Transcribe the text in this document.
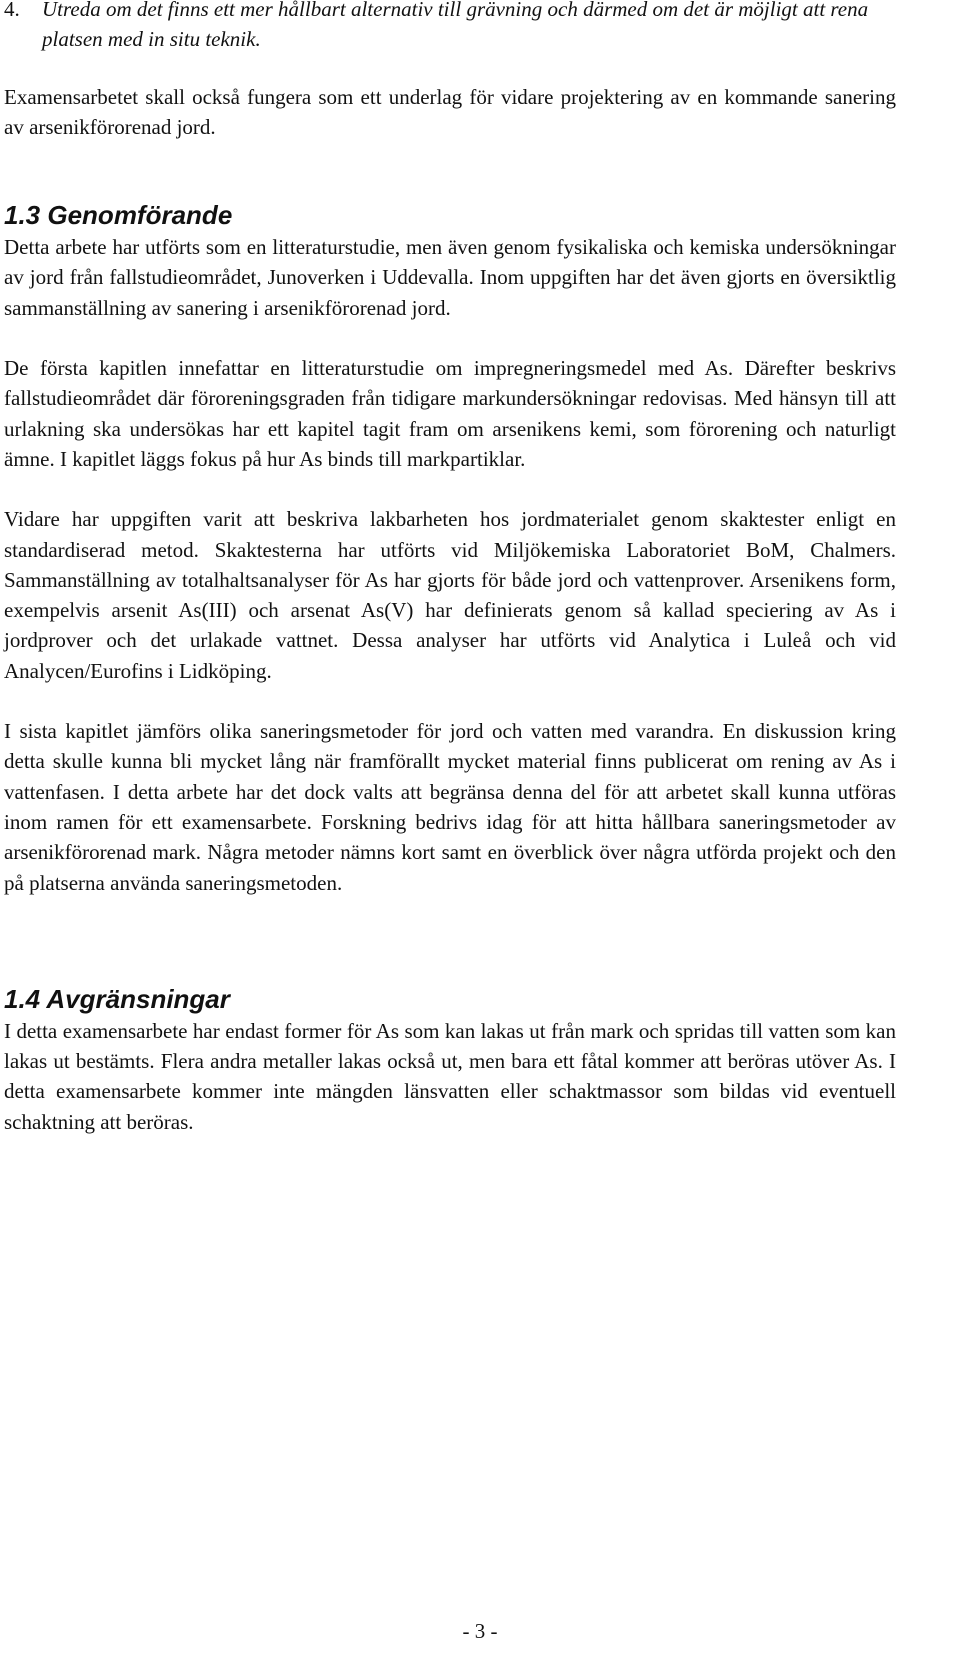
4.	Utreda om det finns ett mer hållbart alternativ till grävning och därmed om det är möjligt att rena platsen med in situ teknik.

Examensarbetet skall också fungera som ett underlag för vidare projektering av en kommande sanering av arsenikförorenad jord.

1.3 Genomförande

Detta arbete har utförts som en litteraturstudie, men även genom fysikaliska och kemiska undersökningar av jord från fallstudieområdet, Junoverken i Uddevalla. Inom uppgiften har det även gjorts en översiktlig sammanställning av sanering i arsenikförorenad jord.

De första kapitlen innefattar en litteraturstudie om impregneringsmedel med As. Därefter beskrivs fallstudieområdet där föroreningsgraden från tidigare markundersökningar redovisas. Med hänsyn till att urlakning ska undersökas har ett kapitel tagit fram om arsenikens kemi, som förorening och naturligt ämne. I kapitlet läggs fokus på hur As binds till markpartiklar.

Vidare har uppgiften varit att beskriva lakbarheten hos jordmaterialet genom skaktester enligt en standardiserad metod. Skaktesterna har utförts vid Miljökemiska Laboratoriet BoM, Chalmers. Sammanställning av totalhaltsanalyser för As har gjorts för både jord och vattenprover. Arsenikens form, exempelvis arsenit As(III) och arsenat As(V) har definierats genom så kallad speciering av As i jordprover och det urlakade vattnet. Dessa analyser har utförts vid Analytica i Luleå och vid Analycen/Eurofins i Lidköping.

I sista kapitlet jämförs olika saneringsmetoder för jord och vatten med varandra. En diskussion kring detta skulle kunna bli mycket lång när framförallt mycket material finns publicerat om rening av As i vattenfasen. I detta arbete har det dock valts att begränsa denna del för att arbetet skall kunna utföras inom ramen för ett examensarbete. Forskning bedrivs idag för att hitta hållbara saneringsmetoder av arsenikförorenad mark. Några metoder nämns kort samt en överblick över några utförda projekt och den på platserna använda saneringsmetoden.

1.4 Avgränsningar

I detta examensarbete har endast former för As som kan lakas ut från mark och spridas till vatten som kan lakas ut bestämts. Flera andra metaller lakas också ut, men bara ett fåtal kommer att beröras utöver As. I detta examensarbete kommer inte mängden länsvatten eller schaktmassor som bildas vid eventuell schaktning att beröras.

- 3 -
